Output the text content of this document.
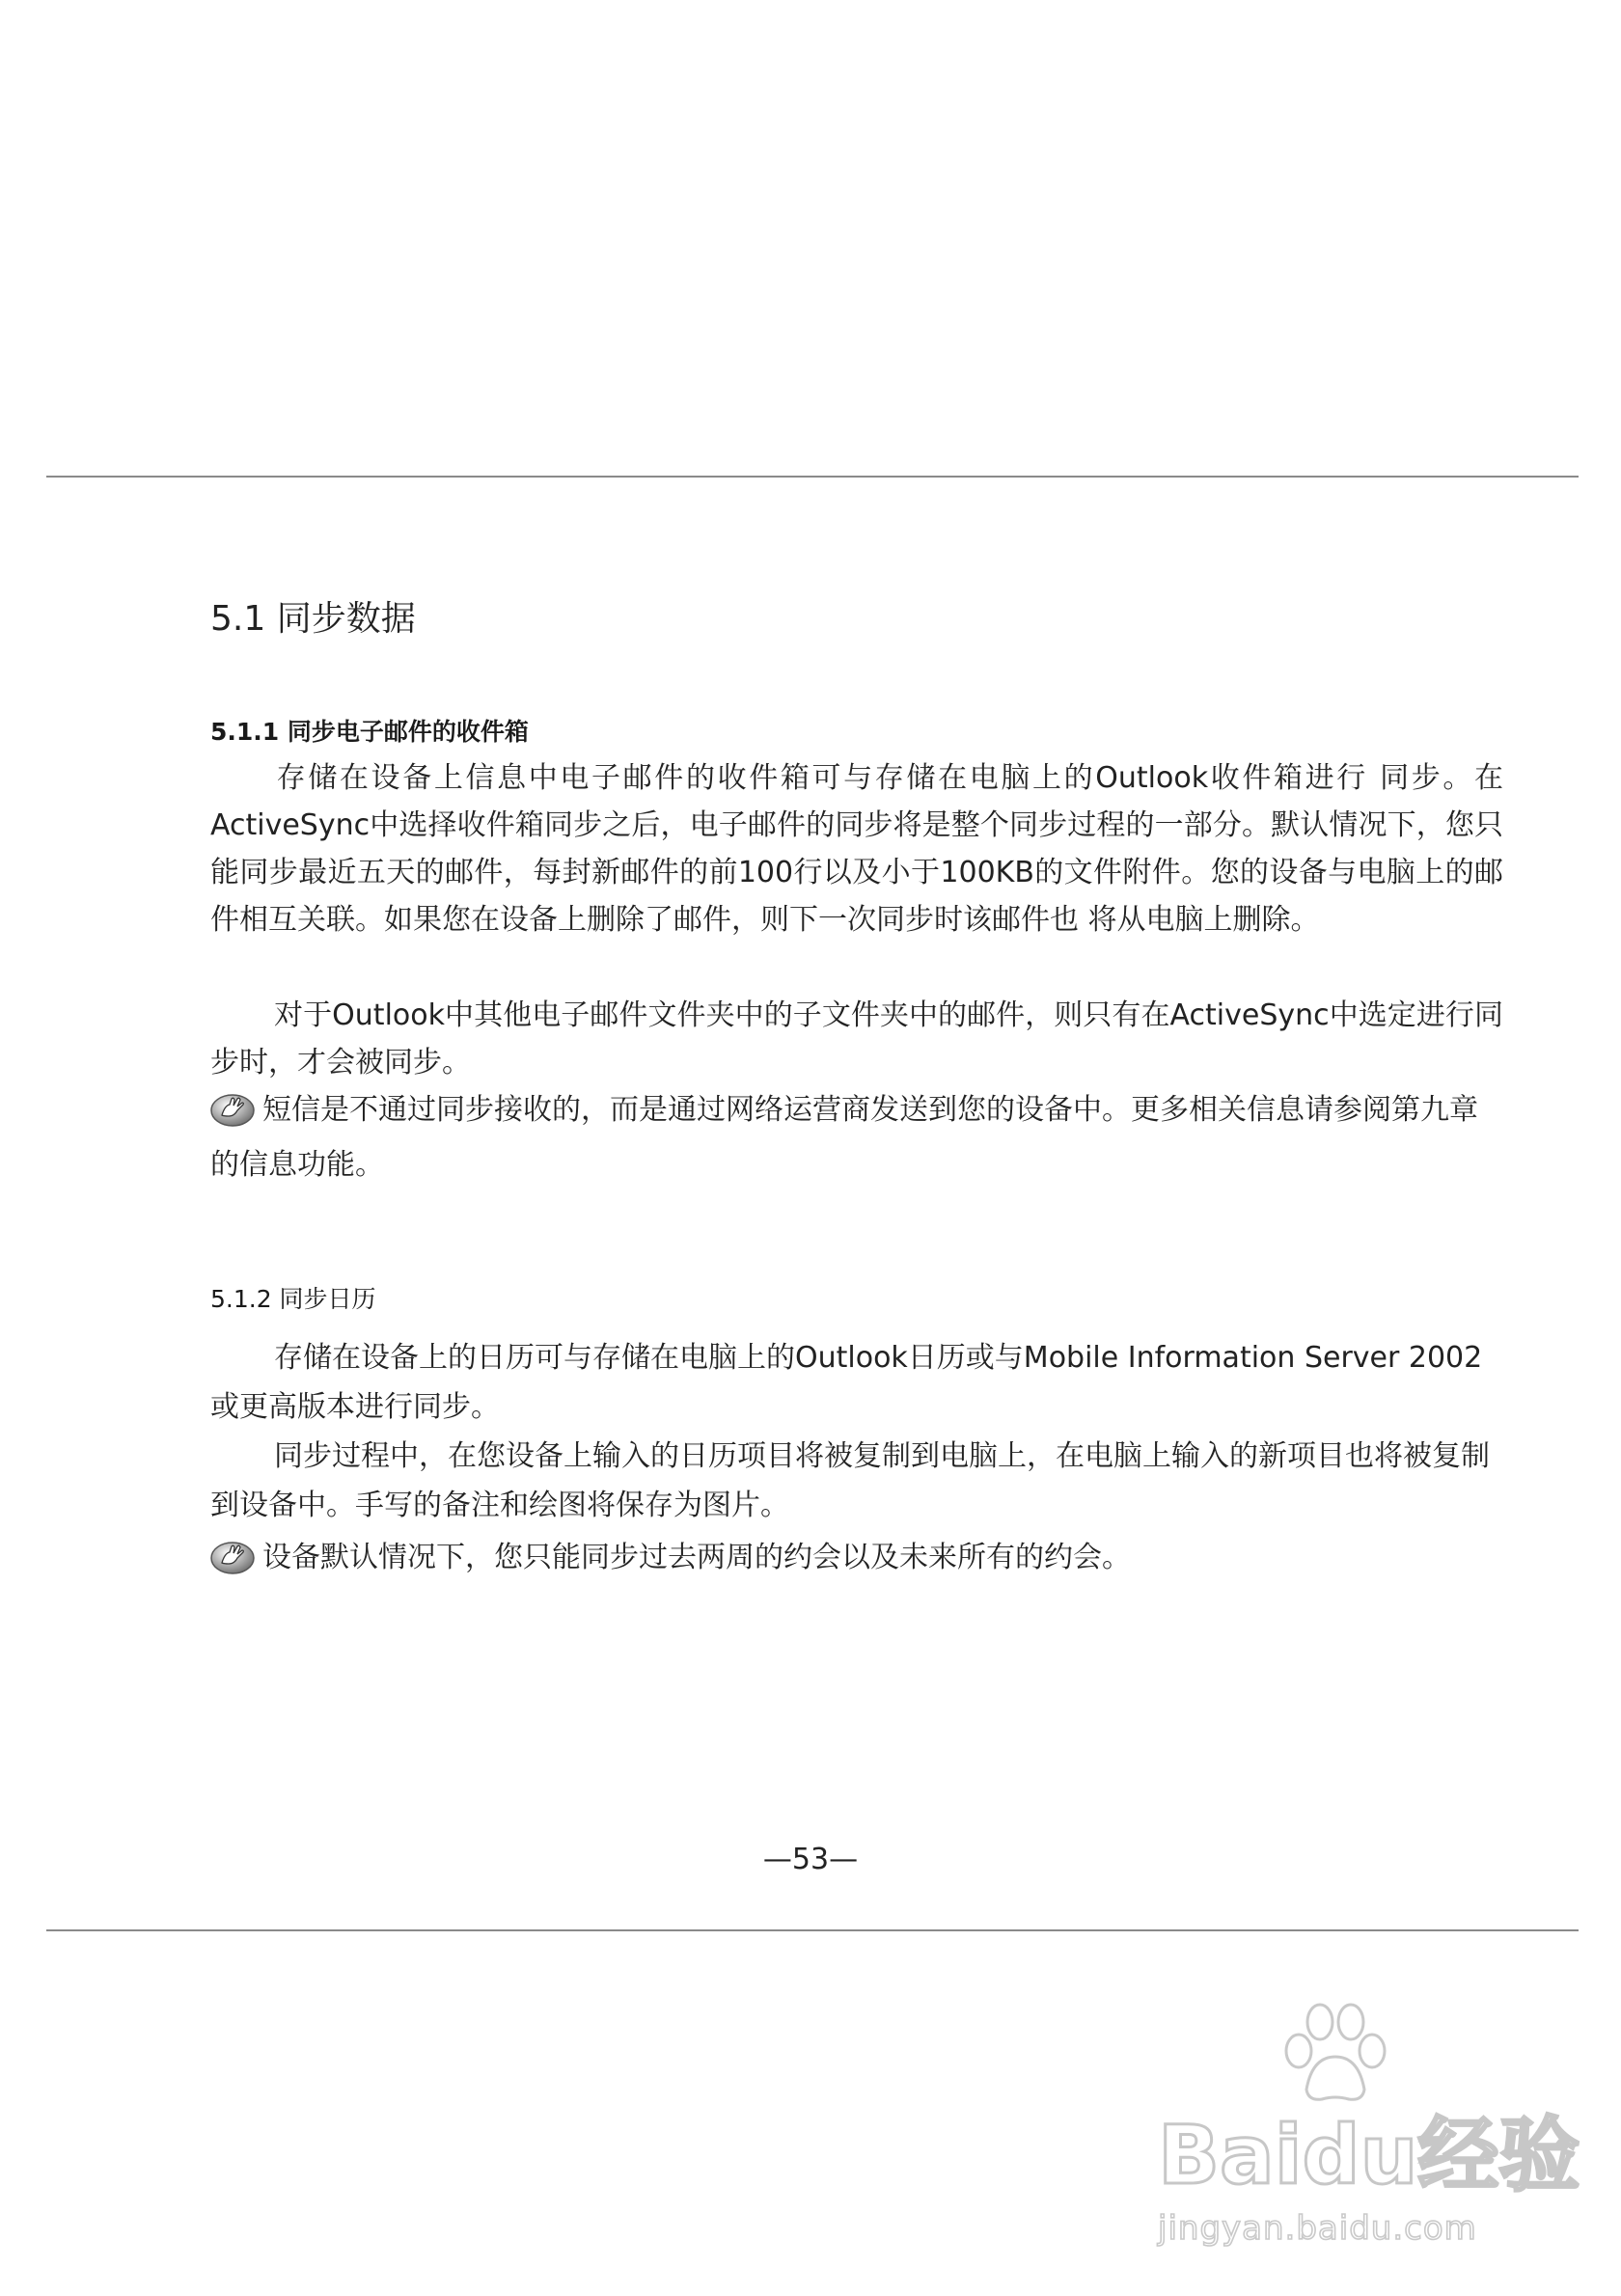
5.1 同步数据
5.1.1 同步电子邮件的收件箱
存储在设备上信息中电子邮件的收件箱可与存储在电脑上的Outlook收件箱进行 同步。在ActiveSync中选择收件箱同步之后，电子邮件的同步将是整个同步过程的一部分。默认情况下，您只能同步最近五天的邮件，每封新邮件的前100行以及小于100KB的文件附件。您的设备与电脑上的邮件相互关联。如果您在设备上删除了邮件，则下一次同步时该邮件也 将从电脑上删除。
对于Outlook中其他电子邮件文件夹中的子文件夹中的邮件，则只有在ActiveSync中选定进行同步时，才会被同步。
短信是不通过同步接收的，而是通过网络运营商发送到您的设备中。更多相关信息请参阅第九章的信息功能。
5.1.2 同步日历
存储在设备上的日历可与存储在电脑上的Outlook日历或与Mobile Information Server 2002或更高版本进行同步。
同步过程中，在您设备上输入的日历项目将被复制到电脑上，在电脑上输入的新项目也将被复制到设备中。手写的备注和绘图将保存为图片。
设备默认情况下，您只能同步过去两周的约会以及未来所有的约会。
—53—
Baidu经验
jingyan.baidu.com
